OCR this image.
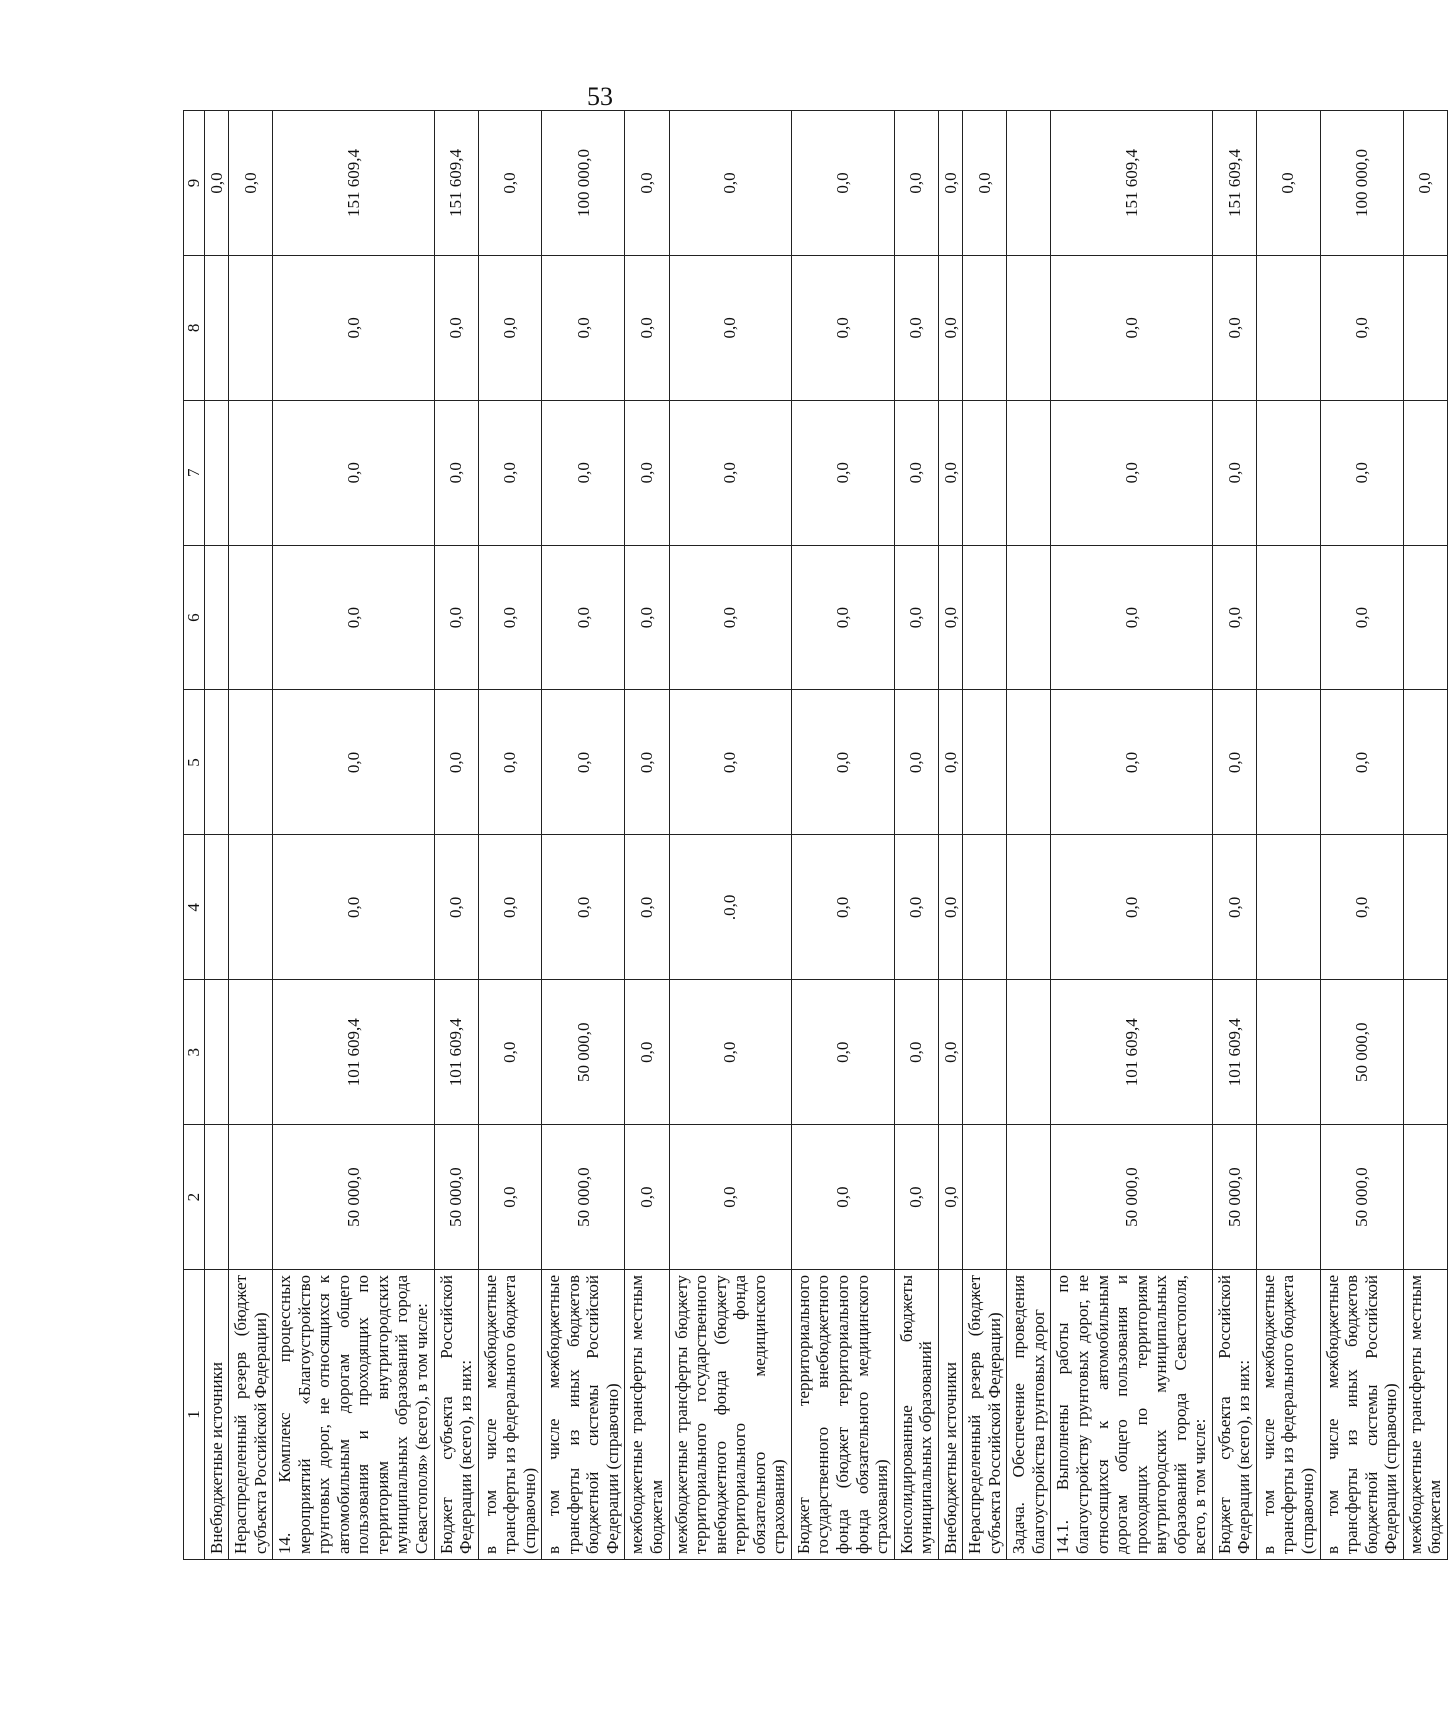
53
1	2	3	4	5	6	7	8	9
Внебюджетные источники								0,0
Нераспределенный резерв (бюджет субъекта Российской Федерации)								0,0
14. Комплекс процессных мероприятий «Благоустройство грунтовых дорог, не относящихся к автомобильным дорогам общего пользования и проходящих по территориям внутригородских муниципальных образований города Севастополя» (всего), в том числе:	50 000,0	101 609,4	0,0	0,0	0,0	0,0	0,0	151 609,4
Бюджет субъекта Российской Федерации (всего), из них:	50 000,0	101 609,4	0,0	0,0	0,0	0,0	0,0	151 609,4
в том числе межбюджетные трансферты из федерального бюджета (справочно)	0,0	0,0	0,0	0,0	0,0	0,0	0,0	0,0
в том числе межбюджетные трансферты из иных бюджетов бюджетной системы Российской Федерации (справочно)	50 000,0	50 000,0	0,0	0,0	0,0	0,0	0,0	100 000,0
межбюджетные трансферты местным бюджетам	0,0	0,0	0,0	0,0	0,0	0,0	0,0	0,0
межбюджетные трансферты бюджету территориального государственного внебюджетного фонда (бюджету территориального фонда обязательного медицинского страхования)	0,0	0,0	.0,0	0,0	0,0	0,0	0,0	0,0
Бюджет территориального государственного внебюджетного фонда (бюджет территориального фонда обязательного медицинского страхования)	0,0	0,0	0,0	0,0	0,0	0,0	0,0	0,0
Консолидированные бюджеты муниципальных образований	0,0	0,0	0,0	0,0	0,0	0,0	0,0	0,0
Внебюджетные источники	0,0	0,0	0,0	0,0	0,0	0,0	0,0	0,0
Нераспределенный резерв (бюджет субъекта Российской Федерации)								0,0
Задача. Обеспечение проведения благоустройства грунтовых дорог								
14.1. Выполнены работы по благоустройству грунтовых дорог, не относящихся к автомобильным дорогам общего пользования и проходящих по территориям внутригородских муниципальных образований города Севастополя, всего, в том числе:	50 000,0	101 609,4	0,0	0,0	0,0	0,0	0,0	151 609,4
Бюджет субъекта Российской Федерации (всего), из них:	50 000,0	101 609,4	0,0	0,0	0,0	0,0	0,0	151 609,4
в том числе межбюджетные трансферты из федерального бюджета (справочно)								0,0
в том числе межбюджетные трансферты из иных бюджетов бюджетной системы Российской Федерации (справочно)	50 000,0	50 000,0	0,0	0,0	0,0	0,0	0,0	100 000,0
межбюджетные трансферты местным бюджетам								0,0
